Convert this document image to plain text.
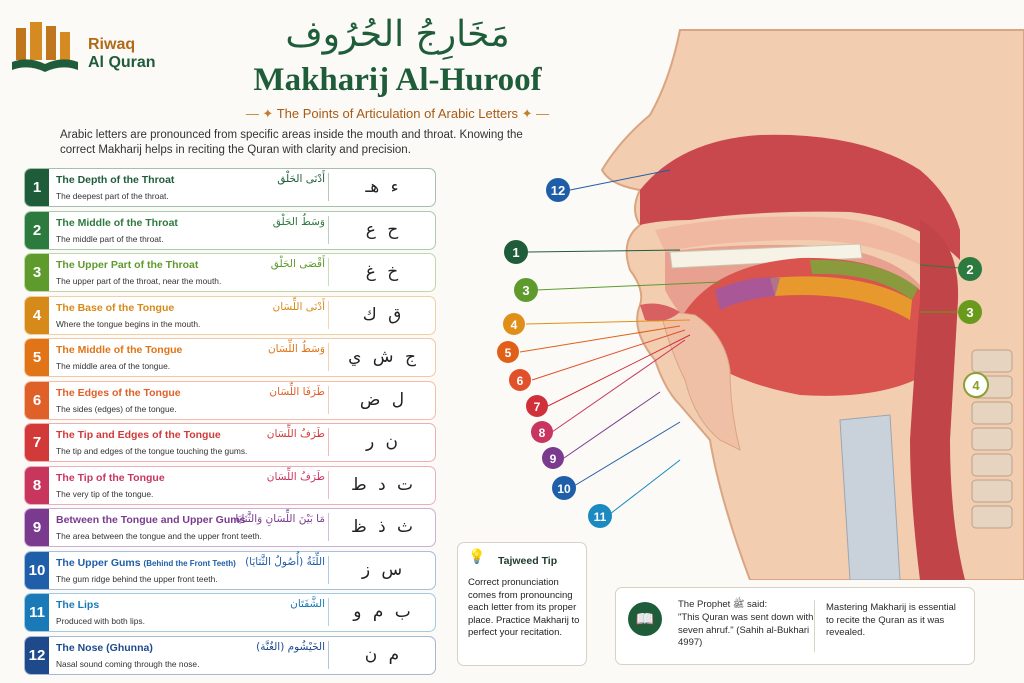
Riwaq
Al Quran
مَخَارِجُ الحُرُوف
Makharij Al-Huroof
— ✦ The Points of Articulation of Arabic Letters ✦ —
Arabic letters are pronounced from specific areas inside the mouth and throat. Knowing the correct Makharij helps in reciting the Quran with clarity and precision.
1	The Depth of the Throat	أَدْنَى الحَلْق
The deepest part of the throat.	ء هـ
2	The Middle of the Throat	وَسَطُ الحَلْق
The middle part of the throat.	ح ع
3	The Upper Part of the Throat	أَقْصَى الحَلْق
The upper part of the throat, near the mouth.	خ غ
4	The Base of the Tongue	أَدْنَى اللِّسَان
Where the tongue begins in the mouth.	ق ك
5	The Middle of the Tongue	وَسَطُ اللِّسَان
The middle area of the tongue.	ج ش ي
6	The Edges of the Tongue	طَرَفَا اللِّسَان
The sides (edges) of the tongue.	ل ض
7	The Tip and Edges of the Tongue	طَرَفُ اللِّسَان
The tip and edges of the tongue touching the gums.	ن ر
8	The Tip of the Tongue	طَرَفُ اللِّسَان
The very tip of the tongue.	ت د ط
9	Between the Tongue and Upper Gums
مَا بَيْنَ اللِّسَانِ وَالثَّنَايَا
The area between the tongue and the upper front teeth.	ث ذ ظ
10	The Upper Gums (Behind the Front Teeth) اللِّثَةُ (أُصُولُ الثَّنَايَا)
The gum ridge behind the upper front teeth.	س ز
11	The Lips	الشَّفَتَان
Produced with both lips.	ب م و
12	The Nose (Ghunna)	الخَيْشُوم (الغُنَّة)
Nasal sound coming through the nose.	م ن
💡 Tajweed Tip
Correct pronunciation comes from pronouncing each letter from its proper place. Practice Makharij to perfect your recitation.
📖
The Prophet ﷺ said:
"This Quran was sent down with seven ahruf." (Sahih al-Bukhari 4997)
Mastering Makharij is essential to recite the Quran as it was revealed.
12
1
2
3
3
4
4
5
6
7
8
9
10
11
